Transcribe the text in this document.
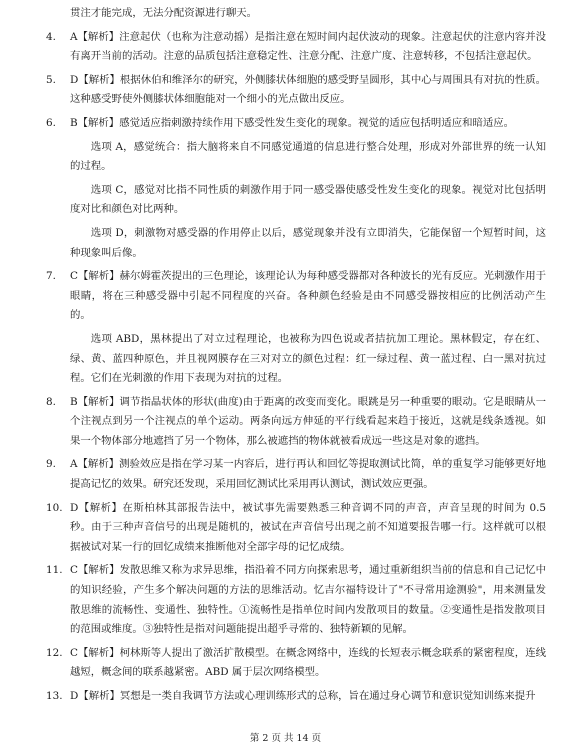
贯注才能完成，无法分配资源进行聊天。

4. A【解析】注意起伏（也称为注意动摇）是指注意在短时间内起伏波动的现象。注意起伏的注意内容并没有离开当前的活动。注意的品质包括注意稳定性、注意分配、注意广度、注意转移，不包括注意起伏。

5. D【解析】根据休伯和维泽尔的研究，外侧膝状体细胞的感受野呈圆形，其中心与周围具有对抗的性质。这种感受野使外侧膝状体细胞能对一个细小的光点做出反应。

6. B【解析】感觉适应指刺激持续作用下感受性发生变化的现象。视觉的适应包括明适应和暗适应。

选项 A，感觉统合：指大脑将来自不同感觉通道的信息进行整合处理，形成对外部世界的统一认知的过程。

选项 C，感觉对比指不同性质的刺激作用于同一感受器使感受性发生变化的现象。视觉对比包括明度对比和颜色对比两种。

选项 D，刺激物对感受器的作用停止以后，感觉现象并没有立即消失，它能保留一个短暂时间，这种现象叫后像。

7. C【解析】赫尔姆霍茨提出的三色理论，该理论认为每种感受器都对各种波长的光有反应。光刺激作用于眼睛，将在三种感受器中引起不同程度的兴奋。各种颜色经验是由不同感受器按相应的比例活动产生的。

选项 ABD，黑林提出了对立过程理论，也被称为四色说或者拮抗加工理论。黑林假定，存在红、绿、黄、蓝四种原色，并且视网膜存在三对对立的颜色过程：红一绿过程、黄一蓝过程、白一黑对抗过程。它们在光刺激的作用下表现为对抗的过程。

8. B【解析】调节指晶状体的形状(曲度)由于距离的改变而变化。眼跳是另一种重要的眼动。它是眼睛从一个注视点到另一个注视点的单个运动。两条向远方伸延的平行线看起来趋于接近，这就是线条透视。如果一个物体部分地遮挡了另一个物体，那么被遮挡的物体就被看成远一些这是对象的遮挡。

9. A【解析】测验效应是指在学习某一内容后，进行再认和回忆等提取测试比简，单的重复学习能够更好地提高记忆的效果。研究还发现，采用回忆测试比采用再认测试，测试效应更强。

10. D【解析】在斯柏林其部报告法中，被试事先需要熟悉三种音调不同的声音，声音呈现的时间为 0.5 秒。由于三种声音信号的出现是随机的，被试在声音信号出现之前不知道要报告哪一行。这样就可以根据被试对某一行的回忆成绩来推断他对全部字母的记忆成绩。

11. C【解析】发散思维又称为求异思维，指沿着不同方向探索思考，通过重新组织当前的信息和自己记忆中的知识经验，产生多个解决问题的方法的思维活动。忆吉尔福特设计了"不寻常用途测验"，用来测量发散思维的流畅性、变通性、独特性。①流畅性是指单位时间内发散项目的数量。②变通性是指发散项目的范围或维度。③独特性是指对问题能提出超乎寻常的、独特新颖的见解。

12. C【解析】柯林斯等人提出了激活扩散模型。在概念网络中，连线的长短表示概念联系的紧密程度，连线越短，概念间的联系越紧密。ABD 属于层次网络模型。

13. D【解析】冥想是一类自我调节方法或心理训练形式的总称，旨在通过身心调节和意识觉知训练来提升

第 2 页 共 14 页
